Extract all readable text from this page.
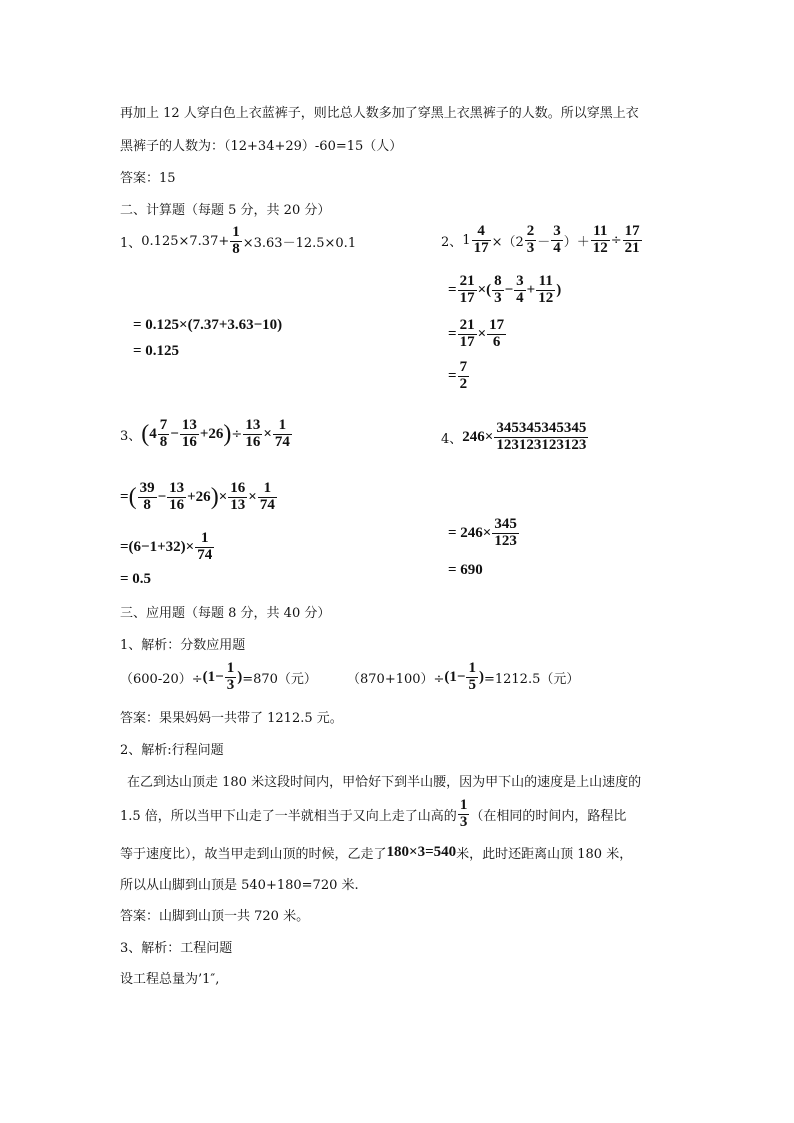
再加上 12 人穿白色上衣蓝裤子，则比总人数多加了穿黑上衣黑裤子的人数。所以穿黑上衣
黑裤子的人数为：（12+34+29）-60=15（人）
答案：15
二、计算题（每题 5 分，共 20 分）
1、 $0.125\times 7.37+ \frac{1}{8} \times 3.63-12.5\times 0.1$
= 0.125×(7.37+3.63−10)
= 0.125
2、 $1 \frac{4}{17} \times(2 \frac{2}{3} - \frac{3}{4}$ ）＋ $\frac{11}{12} \div \frac{17}{21}$
= $\frac{21}{17}$ ×( $\frac{8}{3} - \frac{3}{4} + \frac{11}{12}$ )
= $\frac{21}{17} \times \frac{17}{6}$
= $\frac{7}{2}$
3、 ( $4 \frac{7}{8} - \frac{13}{16} +26$ ) ÷ $\frac{13}{16} \times \frac{1}{74}$
= ( $\frac{39}{8} - \frac{13}{16} +26$ ) × $\frac{16}{13} \times \frac{1}{74}$
$=(6-1+32)\times \frac{1}{74}$
= 0.5
4、 $246\times \frac{345345345345}{123123123123}$
= $246\times \frac{345}{123}$
= 690
三、应用题（每题 8 分，共 40 分）
1、解析：分数应用题
$(600-20)\div (1- \frac{1}{3}$ ) =870（元） $(870+100)\div (1- \frac{1}{5}$ ) =1212.5（元）
答案：果果妈妈一共带了 1212.5 元。
2、解析:行程问题
在乙到达山顶走 180 米这段时间内，甲恰好下到半山腰，因为甲下山的速度是上山速度的
1.5 倍，所以当甲下山走了一半就相当于又向上走了山高的 $\frac{1}{3}$ （在相同的时间内，路程比
等于速度比），故当甲走到山顶的时候，乙走了 180×3=540 米，此时还距离山顶 180 米，
所以从山脚到山顶是 540+180=720 米.
答案：山脚到山顶一共 720 米。
3、解析：工程问题
设工程总量为’1″,
